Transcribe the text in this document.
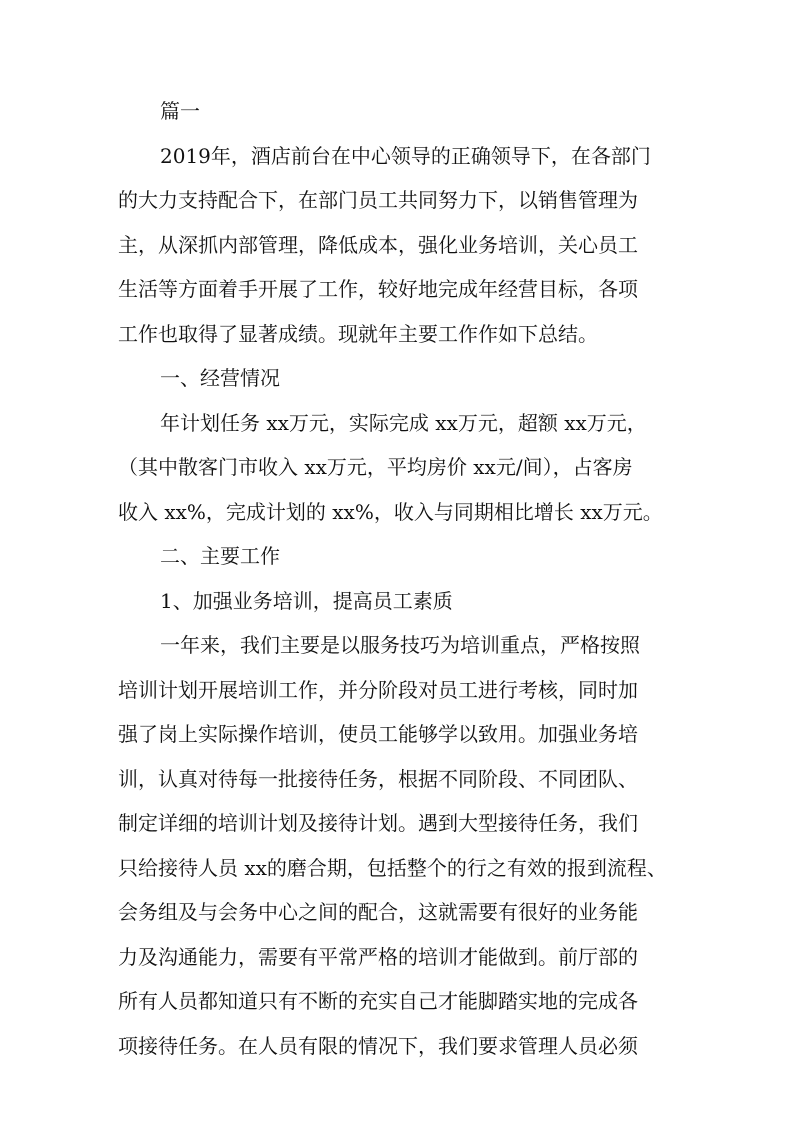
篇一
2019年，酒店前台在中心领导的正确领导下，在各部门
的大力支持配合下，在部门员工共同努力下，以销售管理为
主，从深抓内部管理，降低成本，强化业务培训，关心员工
生活等方面着手开展了工作，较好地完成年经营目标，各项
工作也取得了显著成绩。现就年主要工作作如下总结。
一、经营情况
年计划任务 xx万元，实际完成 xx万元，超额 xx万元，
（其中散客门市收入 xx万元，平均房价 xx元/间），占客房
收入 xx%，完成计划的 xx%，收入与同期相比增长 xx万元。
二、主要工作
1、加强业务培训，提高员工素质
一年来，我们主要是以服务技巧为培训重点，严格按照
培训计划开展培训工作，并分阶段对员工进行考核，同时加
强了岗上实际操作培训，使员工能够学以致用。加强业务培
训，认真对待每一批接待任务，根据不同阶段、不同团队、
制定详细的培训计划及接待计划。遇到大型接待任务，我们
只给接待人员 xx的磨合期，包括整个的行之有效的报到流程、
会务组及与会务中心之间的配合，这就需要有很好的业务能
力及沟通能力，需要有平常严格的培训才能做到。前厅部的
所有人员都知道只有不断的充实自己才能脚踏实地的完成各
项接待任务。在人员有限的情况下，我们要求管理人员必须
